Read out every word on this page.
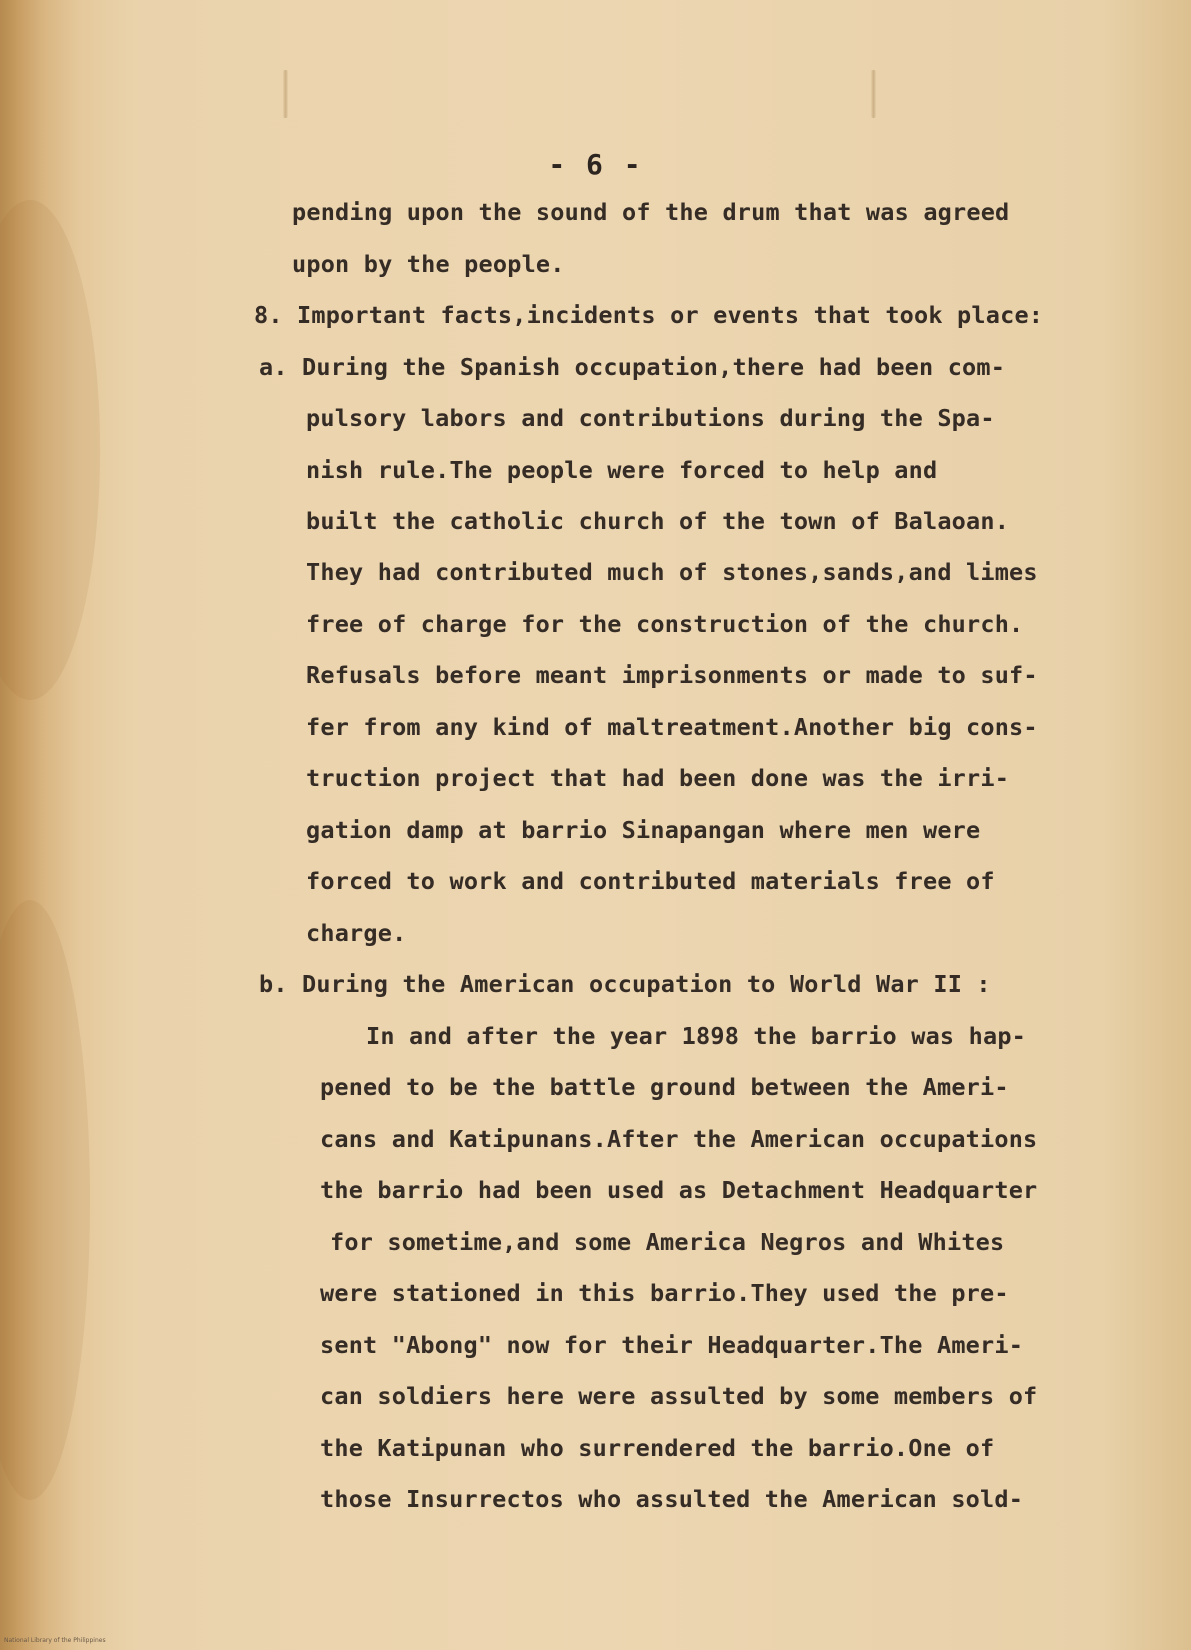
- 6 -
pending upon the sound of the drum that was agreed
upon by the people.
8. Important facts,incidents or events that took place:
a. During the Spanish occupation,there had been com-
pulsory labors and contributions during the Spa-
nish rule.The people were forced to help and
built the catholic church of the town of Balaoan.
They had contributed much of stones,sands,and limes
free of charge for the construction of the church.
Refusals before meant imprisonments or made to suf-
fer from any kind of maltreatment.Another big cons-
truction project that had been done was the irri-
gation damp at barrio Sinapangan where men were
forced to work and contributed materials free of
charge.
b. During the American occupation to World War II :
In and after the year 1898 the barrio was hap-
pened to be the battle ground between the Ameri-
cans and Katipunans.After the American occupations
the barrio had been used as Detachment Headquarter
for sometime,and some America Negros and Whites
were stationed in this barrio.They used the pre-
sent "Abong" now for their Headquarter.The Ameri-
can soldiers here were assulted by some members of
the Katipunan who surrendered the barrio.One of
those Insurrectos who assulted the American sold-
National Library of the Philippines
